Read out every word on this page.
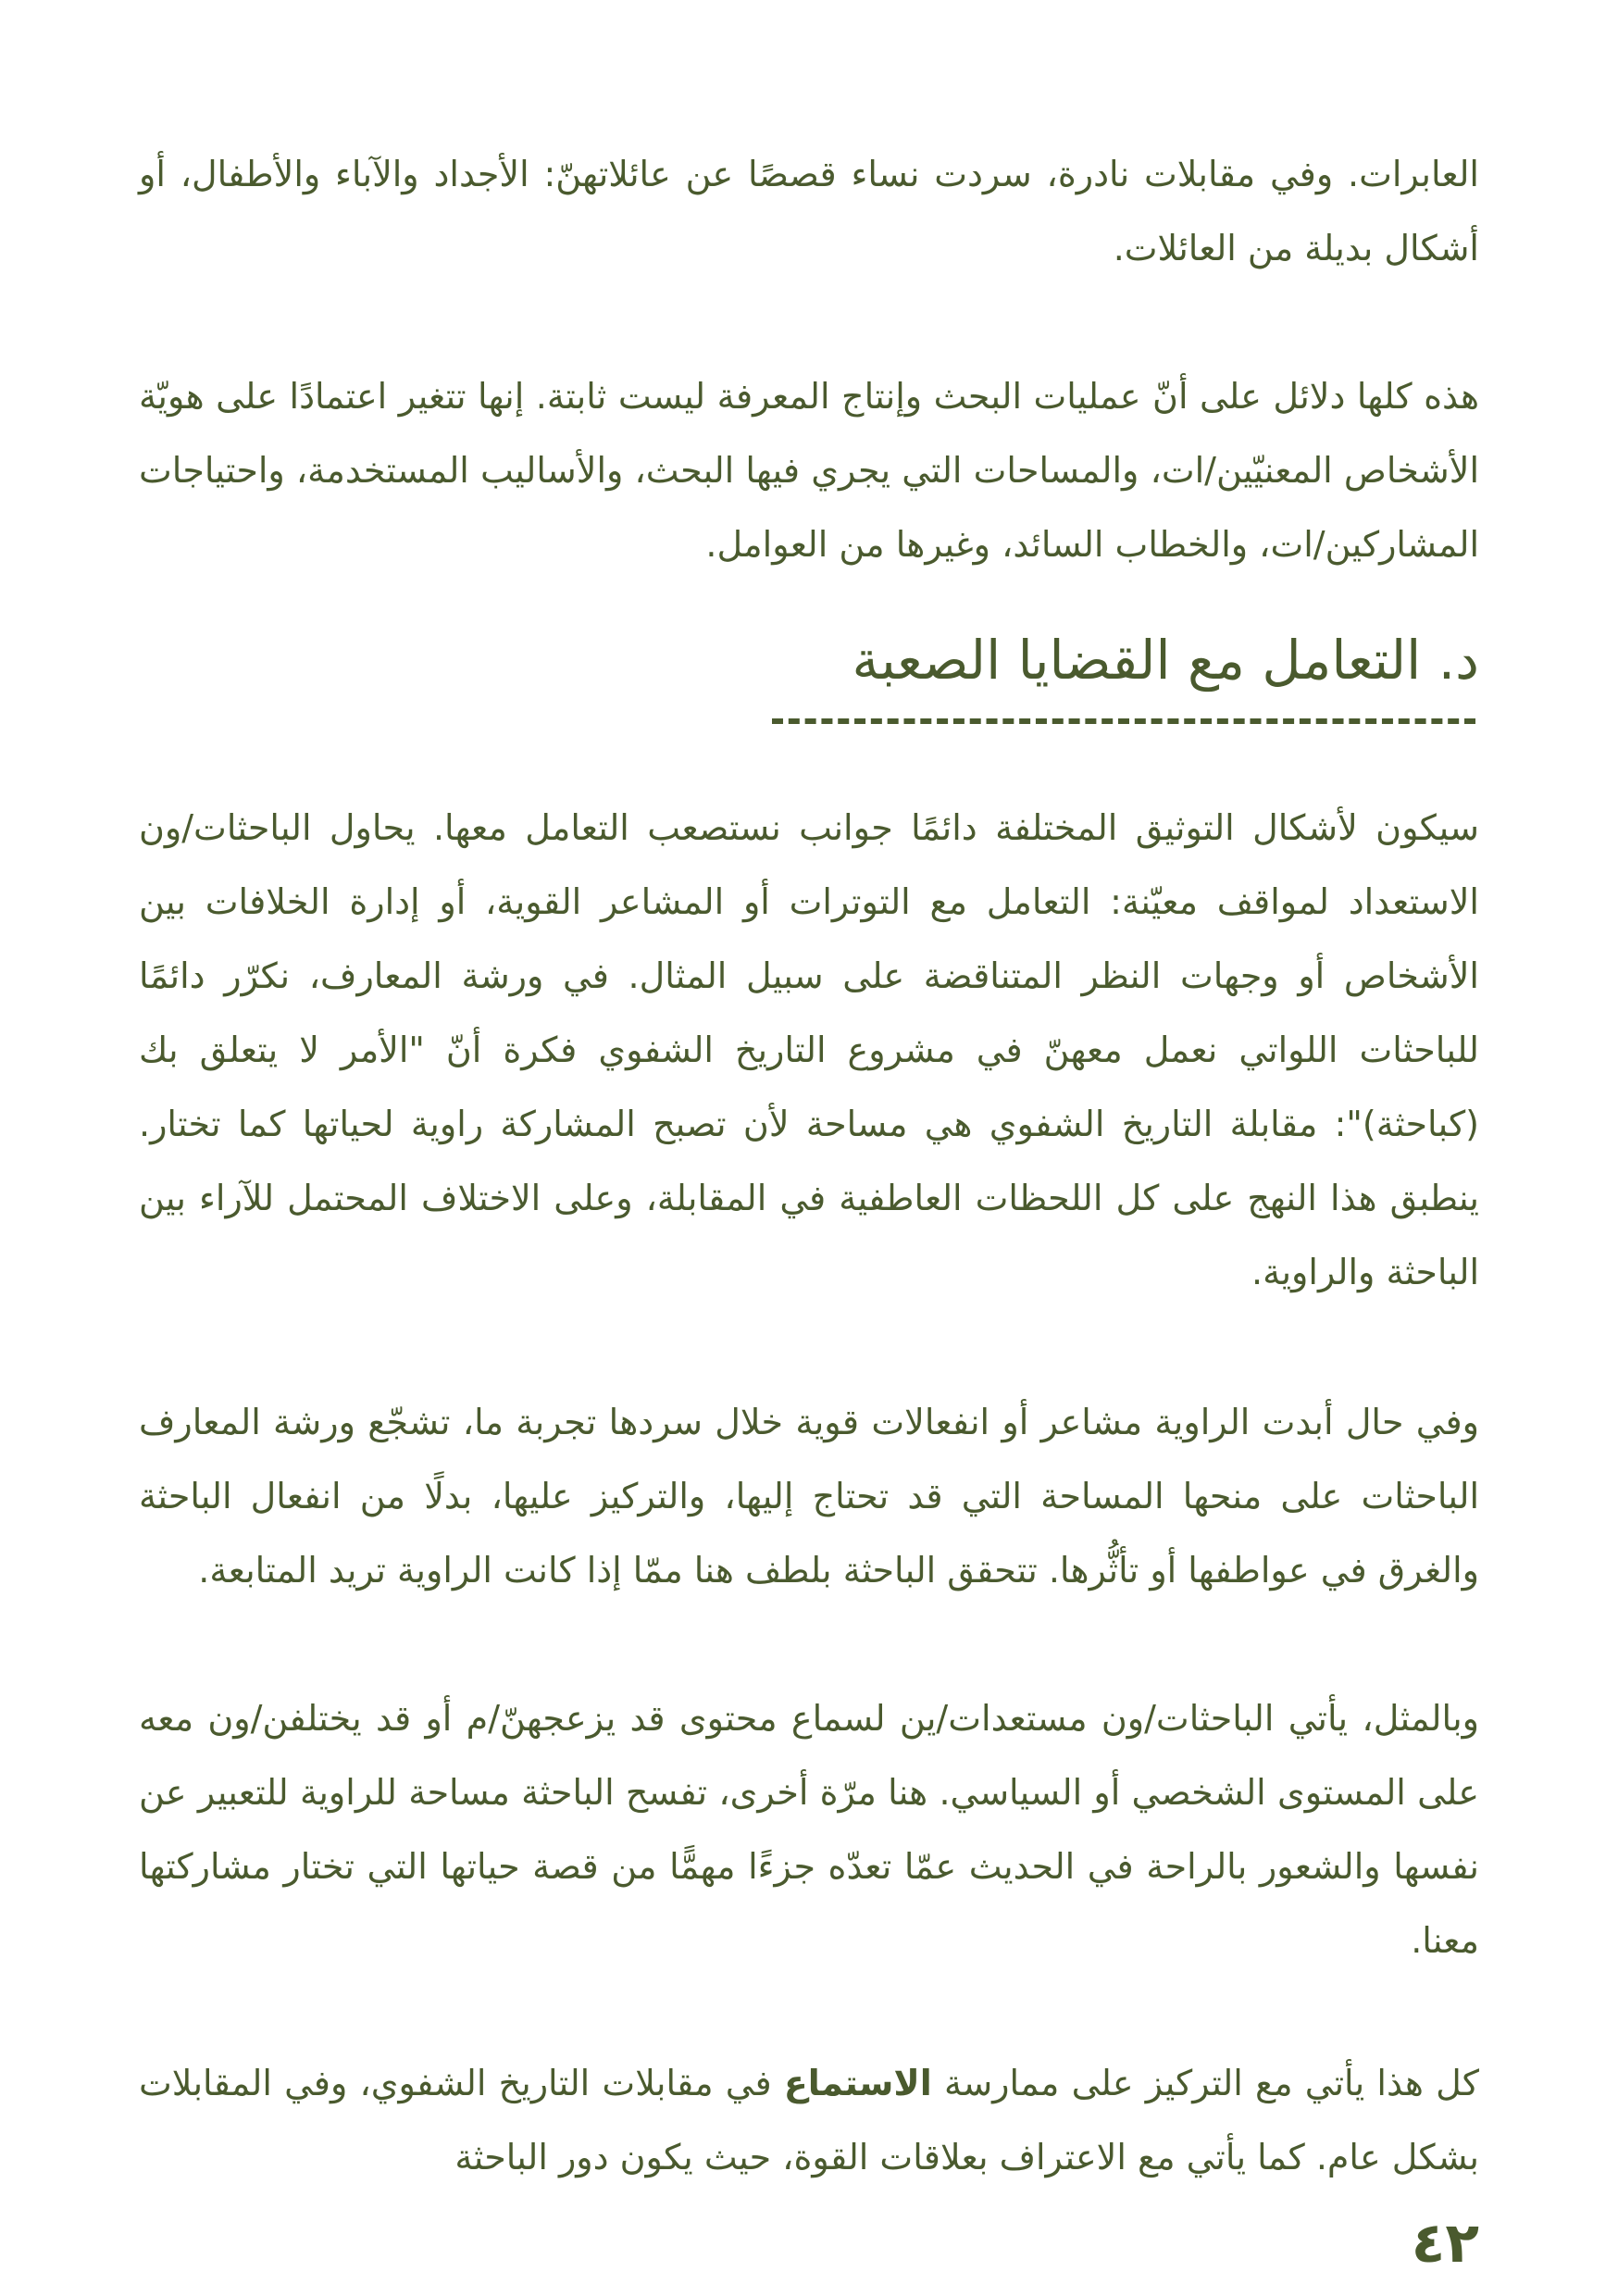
العابرات. وفي مقابلات نادرة، سردت نساء قصصًا عن عائلاتهنّ: الأجداد والآباء والأطفال، أو أشكال بديلة من العائلات.

هذه كلها دلائل على أنّ عمليات البحث وإنتاج المعرفة ليست ثابتة. إنها تتغير اعتمادًا على هويّة الأشخاص المعنيّين/ات، والمساحات التي يجري فيها البحث، والأساليب المستخدمة، واحتياجات المشاركين/ات، والخطاب السائد، وغيرها من العوامل.

د. التعامل مع القضايا الصعبة

سيكون لأشكال التوثيق المختلفة دائمًا جوانب نستصعب التعامل معها. يحاول الباحثات/ون الاستعداد لمواقف معيّنة: التعامل مع التوترات أو المشاعر القوية، أو إدارة الخلافات بين الأشخاص أو وجهات النظر المتناقضة على سبيل المثال. في ورشة المعارف، نكرّر دائمًا للباحثات اللواتي نعمل معهنّ في مشروع التاريخ الشفوي فكرة أنّ "الأمر لا يتعلق بك (كباحثة)": مقابلة التاريخ الشفوي هي مساحة لأن تصبح المشاركة راوية لحياتها كما تختار. ينطبق هذا النهج على كل اللحظات العاطفية في المقابلة، وعلى الاختلاف المحتمل للآراء بين الباحثة والراوية.

وفي حال أبدت الراوية مشاعر أو انفعالات قوية خلال سردها تجربة ما، تشجّع ورشة المعارف الباحثات على منحها المساحة التي قد تحتاج إليها، والتركيز عليها، بدلًا من انفعال الباحثة والغرق في عواطفها أو تأثُّرها. تتحقق الباحثة بلطف هنا ممّا إذا كانت الراوية تريد المتابعة.

وبالمثل، يأتي الباحثات/ون مستعدات/ين لسماع محتوى قد يزعجهنّ/م أو قد يختلفن/ون معه على المستوى الشخصي أو السياسي. هنا مرّة أخرى، تفسح الباحثة مساحة للراوية للتعبير عن نفسها والشعور بالراحة في الحديث عمّا تعدّه جزءًا مهمًّا من قصة حياتها التي تختار مشاركتها معنا.

كل هذا يأتي مع التركيز على ممارسة الاستماع في مقابلات التاريخ الشفوي، وفي المقابلات بشكل عام. كما يأتي مع الاعتراف بعلاقات القوة، حيث يكون دور الباحثة

٤٢
